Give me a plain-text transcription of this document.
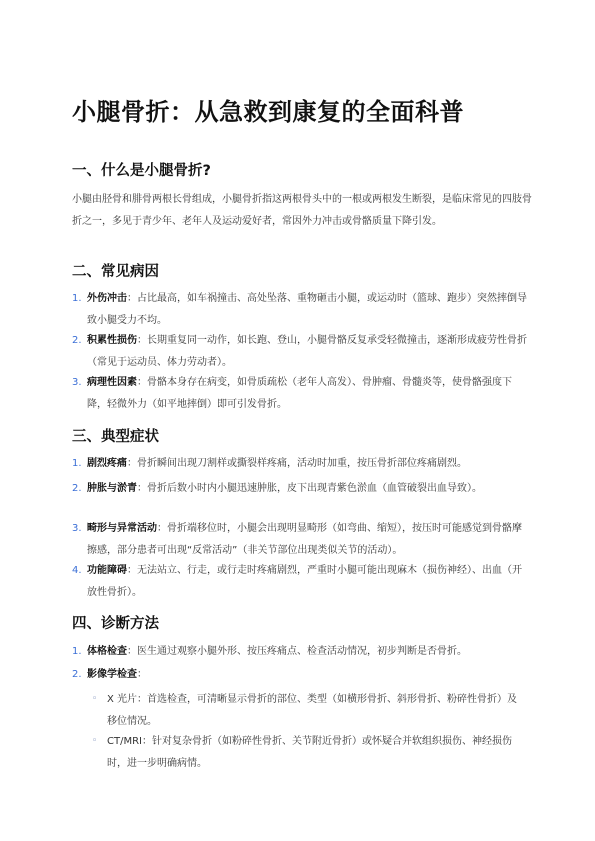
小腿骨折：从急救到康复的全面科普
一、什么是小腿骨折?
小腿由胫骨和腓骨两根长骨组成，小腿骨折指这两根骨头中的一根或两根发生断裂，是临床常见的四肢骨折之一，多见于青少年、老年人及运动爱好者，常因外力冲击或骨骼质量下降引发。
二、常见病因
1. 外伤冲击：占比最高，如车祸撞击、高处坠落、重物砸击小腿，或运动时（篮球、跑步）突然摔倒导致小腿受力不均。
2. 积累性损伤：长期重复同一动作，如长跑、登山，小腿骨骼反复承受轻微撞击，逐渐形成疲劳性骨折（常见于运动员、体力劳动者）。
3. 病理性因素：骨骼本身存在病变，如骨质疏松（老年人高发）、骨肿瘤、骨髓炎等，使骨骼强度下降，轻微外力（如平地摔倒）即可引发骨折。
三、典型症状
1. 剧烈疼痛：骨折瞬间出现刀割样或撕裂样疼痛，活动时加重，按压骨折部位疼痛剧烈。
2. 肿胀与淤青：骨折后数小时内小腿迅速肿胀，皮下出现青紫色淤血（血管破裂出血导致）。
3. 畸形与异常活动：骨折端移位时，小腿会出现明显畸形（如弯曲、缩短），按压时可能感觉到骨骼摩擦感，部分患者可出现“反常活动”（非关节部位出现类似关节的活动）。
4. 功能障碍：无法站立、行走，或行走时疼痛剧烈，严重时小腿可能出现麻木（损伤神经）、出血（开放性骨折）。
四、诊断方法
1. 体格检查：医生通过观察小腿外形、按压疼痛点、检查活动情况，初步判断是否骨折。
2. 影像学检查：
◦ X 光片：首选检查，可清晰显示骨折的部位、类型（如横形骨折、斜形骨折、粉碎性骨折）及移位情况。
◦ CT/MRI：针对复杂骨折（如粉碎性骨折、关节附近骨折）或怀疑合并软组织损伤、神经损伤时，进一步明确病情。
